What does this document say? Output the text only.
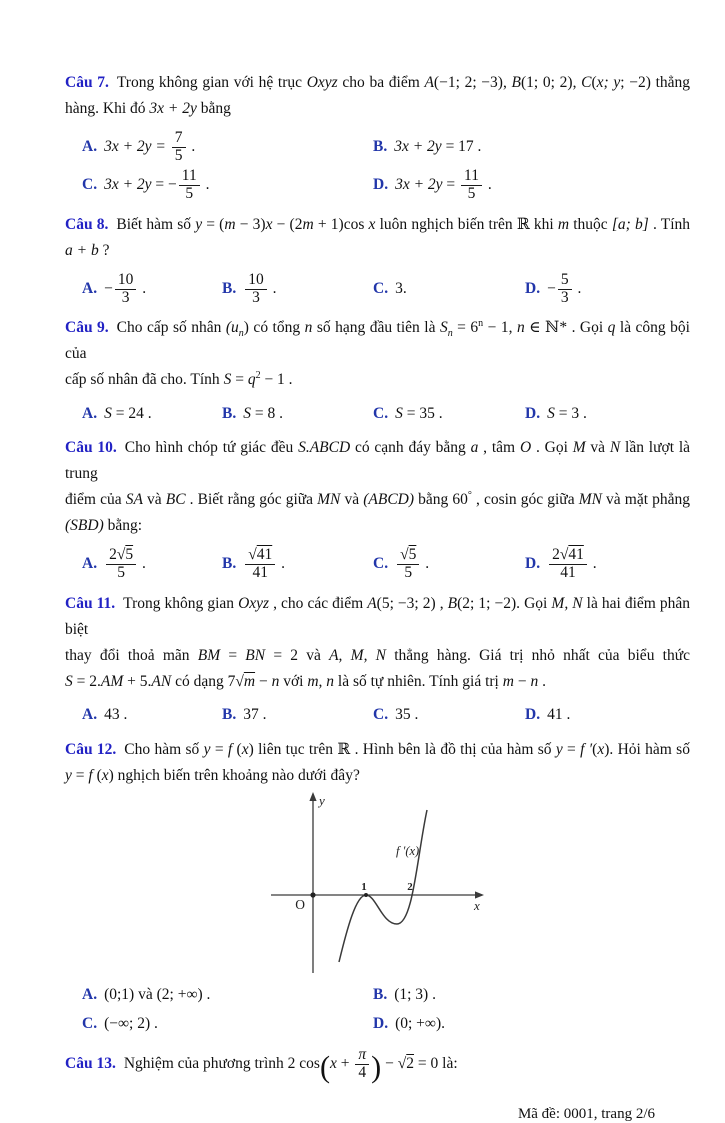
Câu 7. Trong không gian với hệ trục Oxyz cho ba điểm A(−1; 2; −3), B(1; 0; 2), C(x; y; −2) thẳng
hàng. Khi đó 3x + 2y bằng
A. $3x + 2y = \frac{7}{5}$ .	B. 3x + 2y = 17 .
C. 3x + 2y = − $\frac{11}{5}$ .	D. $3x + 2y = \frac{11}{5}$ .
Câu 8. Biết hàm số y = (m − 3)x − (2m + 1)cos x luôn nghịch biến trên ℝ khi m thuộc [a; b] . Tính
a + b ?
A. − $\frac{10}{3}$ .	B. $\frac{10}{3}$ .	C. 3.	D. − $\frac{5}{3}$ .
Câu 9. Cho cấp số nhân $(u_n)$ có tổng n số hạng đầu tiên là $S_n = 6^n - 1$, n ∈ ℕ* . Gọi q là công bội của
cấp số nhân đã cho. Tính $S = q^2 - 1$ .
A. S = 24 .	B. S = 8 .	C. S = 35 .	D. S = 3 .
Câu 10. Cho hình chóp tứ giác đều S.ABCD có cạnh đáy bằng a , tâm O . Gọi M và N lần lượt là trung
điểm của SA và BC . Biết rằng góc giữa MN và (ABCD) bằng 60° , cosin góc giữa MN và mặt phẳng
(SBD) bằng:
A. $\frac{2√5}{5}$ .	B. $\frac{√41}{41}$ .	C. $\frac{√5}{5}$ .	D. $\frac{2√41}{41}$ .
Câu 11. Trong không gian Oxyz , cho các điểm A(5; −3; 2) , B(2; 1; −2). Gọi M, N là hai điểm phân biệt
thay đổi thoả mãn BM = BN = 2 và A, M, N thẳng hàng. Giá trị nhỏ nhất của biểu thức
S = 2.AM + 5.AN có dạng 7√m − n với m, n là số tự nhiên. Tính giá trị m − n .
A. 43 .	B. 37 .	C. 35 .	D. 41 .
Câu 12. Cho hàm số y = f (x) liên tục trên ℝ . Hình bên là đồ thị của hàm số y = f ′(x). Hỏi hàm số
y = f (x) nghịch biến trên khoảng nào dưới đây?
y
x
O
1	2
f ′(x)
A. (0;1) và (2; +∞) .	B. (1; 3) .
C. (−∞; 2) .	D. (0; +∞).
Câu 13. Nghiệm của phương trình 2 $\cos(x + \frac{\pi}{4}$ ) − √2 = 0 là:
Mã đề: 0001, trang 2/6
